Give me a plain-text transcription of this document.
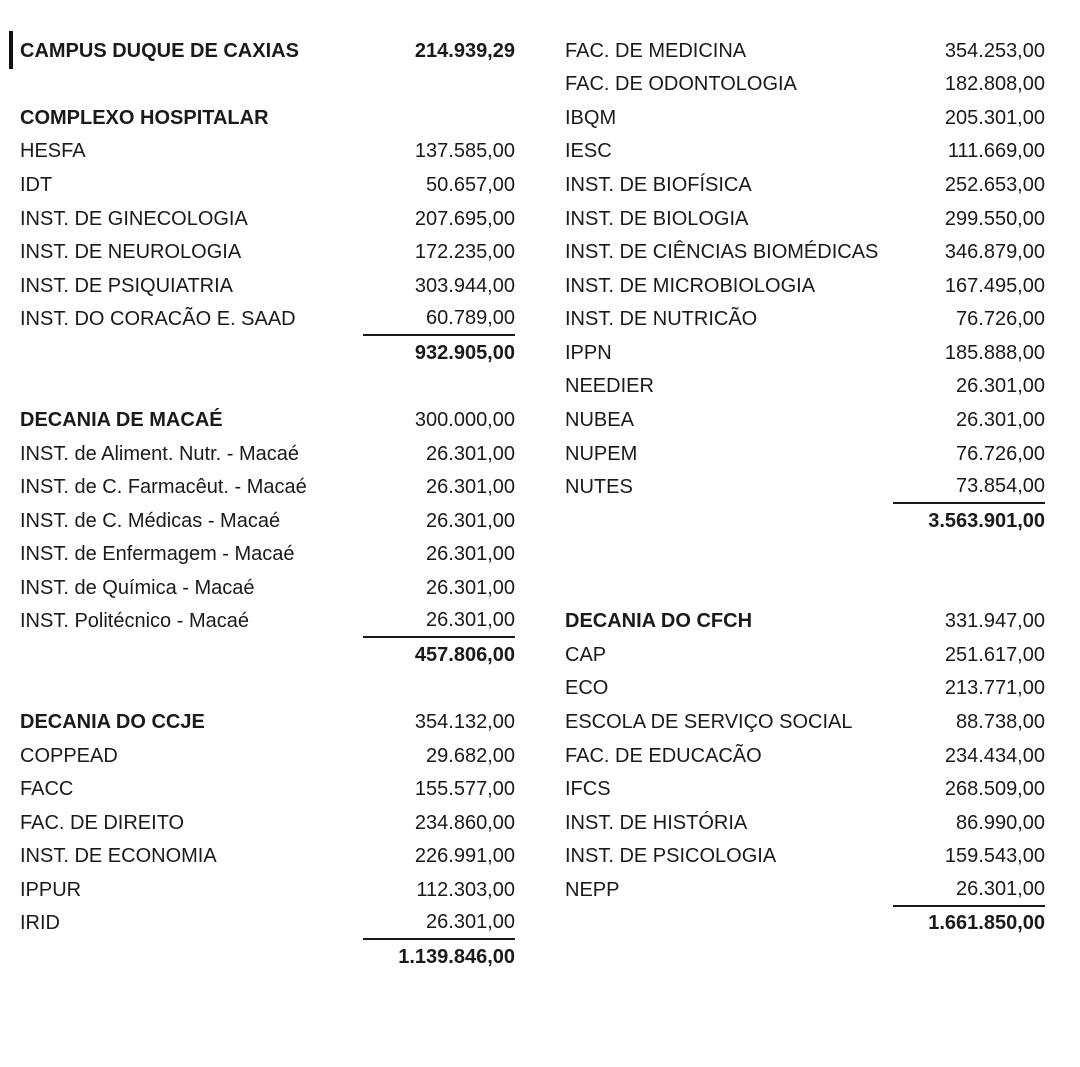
CAMPUS DUQUE DE CAXIAS	214.939,29
COMPLEXO HOSPITALAR
HESFA	137.585,00
IDT	50.657,00
INST. DE GINECOLOGIA	207.695,00
INST. DE NEUROLOGIA	172.235,00
INST. DE PSIQUIATRIA	303.944,00
INST. DO CORACÃO E. SAAD	60.789,00
932.905,00
DECANIA DE MACAÉ	300.000,00
INST. de Aliment. Nutr. - Macaé	26.301,00
INST. de C. Farmacêut. - Macaé	26.301,00
INST. de C. Médicas - Macaé	26.301,00
INST. de Enfermagem - Macaé	26.301,00
INST. de Química - Macaé	26.301,00
INST. Politécnico - Macaé	26.301,00
457.806,00
DECANIA DO CCJE	354.132,00
COPPEAD	29.682,00
FACC	155.577,00
FAC. DE DIREITO	234.860,00
INST. DE ECONOMIA	226.991,00
IPPUR	112.303,00
IRID	26.301,00
1.139.846,00
FAC. DE MEDICINA	354.253,00
FAC. DE ODONTOLOGIA	182.808,00
IBQM	205.301,00
IESC	111.669,00
INST. DE BIOFÍSICA	252.653,00
INST. DE BIOLOGIA	299.550,00
INST. DE CIÊNCIAS BIOMÉDICAS	346.879,00
INST. DE MICROBIOLOGIA	167.495,00
INST. DE NUTRICÃO	76.726,00
IPPN	185.888,00
NEEDIER	26.301,00
NUBEA	26.301,00
NUPEM	76.726,00
NUTES	73.854,00
3.563.901,00
DECANIA DO CFCH	331.947,00
CAP	251.617,00
ECO	213.771,00
ESCOLA DE SERVIÇO SOCIAL	88.738,00
FAC. DE EDUCACÃO	234.434,00
IFCS	268.509,00
INST. DE HISTÓRIA	86.990,00
INST. DE PSICOLOGIA	159.543,00
NEPP	26.301,00
1.661.850,00
